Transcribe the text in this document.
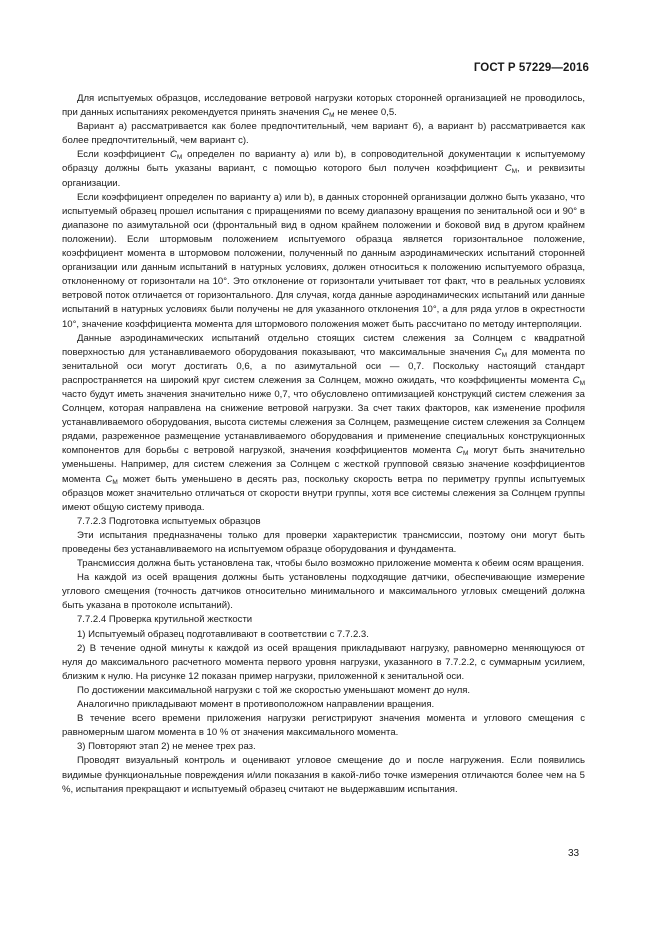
ГОСТ Р 57229—2016

Для испытуемых образцов, исследование ветровой нагрузки которых сторонней организацией не проводилось, при данных испытаниях рекомендуется принять значения $C_M$ не менее 0,5.

Вариант а) рассматривается как более предпочтительный, чем вариант б), а вариант b) рассматривается как более предпочтительный, чем вариант с).

Если коэффициент $C_M$ определен по варианту а) или b), в сопроводительной документации к испытуемому образцу должны быть указаны вариант, с помощью которого был получен коэффициент $C_M$, и реквизиты организации.

Если коэффициент определен по варианту а) или b), в данных сторонней организации должно быть указано, что испытуемый образец прошел испытания с приращениями по всему диапазону вращения по зенитальной оси и 90° в диапазоне по азимутальной оси (фронтальный вид в одном крайнем положении и боковой вид в другом крайнем положении). Если штормовым положением испытуемого образца является горизонтальное положение, коэффициент момента в штормовом положении, полученный по данным аэродинамических испытаний сторонней организации или данным испытаний в натурных условиях, должен относиться к положению испытуемого образца, отклоненному от горизонтали на 10°. Это отклонение от горизонтали учитывает тот факт, что в реальных условиях ветровой поток отличается от горизонтального. Для случая, когда данные аэродинамических испытаний или данные испытаний в натурных условиях были получены не для указанного отклонения 10°, а для ряда углов в окрестности 10°, значение коэффициента момента для штормового положения может быть рассчитано по методу интерполяции.

Данные аэродинамических испытаний отдельно стоящих систем слежения за Солнцем с квадратной поверхностью для устанавливаемого оборудования показывают, что максимальные значения $C_M$ для момента по зенитальной оси могут достигать 0,6, а по азимутальной оси — 0,7. Поскольку настоящий стандарт распространяется на широкий круг систем слежения за Солнцем, можно ожидать, что коэффициенты момента $C_M$ часто будут иметь значения значительно ниже 0,7, что обусловлено оптимизацией конструкций систем слежения за Солнцем, которая направлена на снижение ветровой нагрузки. За счет таких факторов, как изменение профиля устанавливаемого оборудования, высота системы слежения за Солнцем, размещение систем слежения за Солнцем рядами, разреженное размещение устанавливаемого оборудования и применение специальных конструкционных компонентов для борьбы с ветровой нагрузкой, значения коэффициентов момента $C_M$ могут быть значительно уменьшены. Например, для систем слежения за Солнцем с жесткой групповой связью значение коэффициентов момента $C_M$ может быть уменьшено в десять раз, поскольку скорость ветра по периметру группы испытуемых образцов может значительно отличаться от скорости внутри группы, хотя все системы слежения за Солнцем группы имеют общую систему привода.

7.7.2.3 Подготовка испытуемых образцов

Эти испытания предназначены только для проверки характеристик трансмиссии, поэтому они могут быть проведены без устанавливаемого на испытуемом образце оборудования и фундамента.

Трансмиссия должна быть установлена так, чтобы было возможно приложение момента к обеим осям вращения.

На каждой из осей вращения должны быть установлены подходящие датчики, обеспечивающие измерение углового смещения (точность датчиков относительно минимального и максимального угловых смещений должна быть указана в протоколе испытаний).

7.7.2.4 Проверка крутильной жесткости

1) Испытуемый образец подготавливают в соответствии с 7.7.2.3.

2) В течение одной минуты к каждой из осей вращения прикладывают нагрузку, равномерно меняющуюся от нуля до максимального расчетного момента первого уровня нагрузки, указанного в 7.7.2.2, с суммарным усилием, близким к нулю. На рисунке 12 показан пример нагрузки, приложенной к зенитальной оси.

По достижении максимальной нагрузки с той же скоростью уменьшают момент до нуля.

Аналогично прикладывают момент в противоположном направлении вращения.

В течение всего времени приложения нагрузки регистрируют значения момента и углового смещения с равномерным шагом момента в 10 % от значения максимального момента.

3) Повторяют этап 2) не менее трех раз.

Проводят визуальный контроль и оценивают угловое смещение до и после нагружения. Если появились видимые функциональные повреждения и/или показания в какой-либо точке измерения отличаются более чем на 5 %, испытания прекращают и испытуемый образец считают не выдержавшим испытания.

33
